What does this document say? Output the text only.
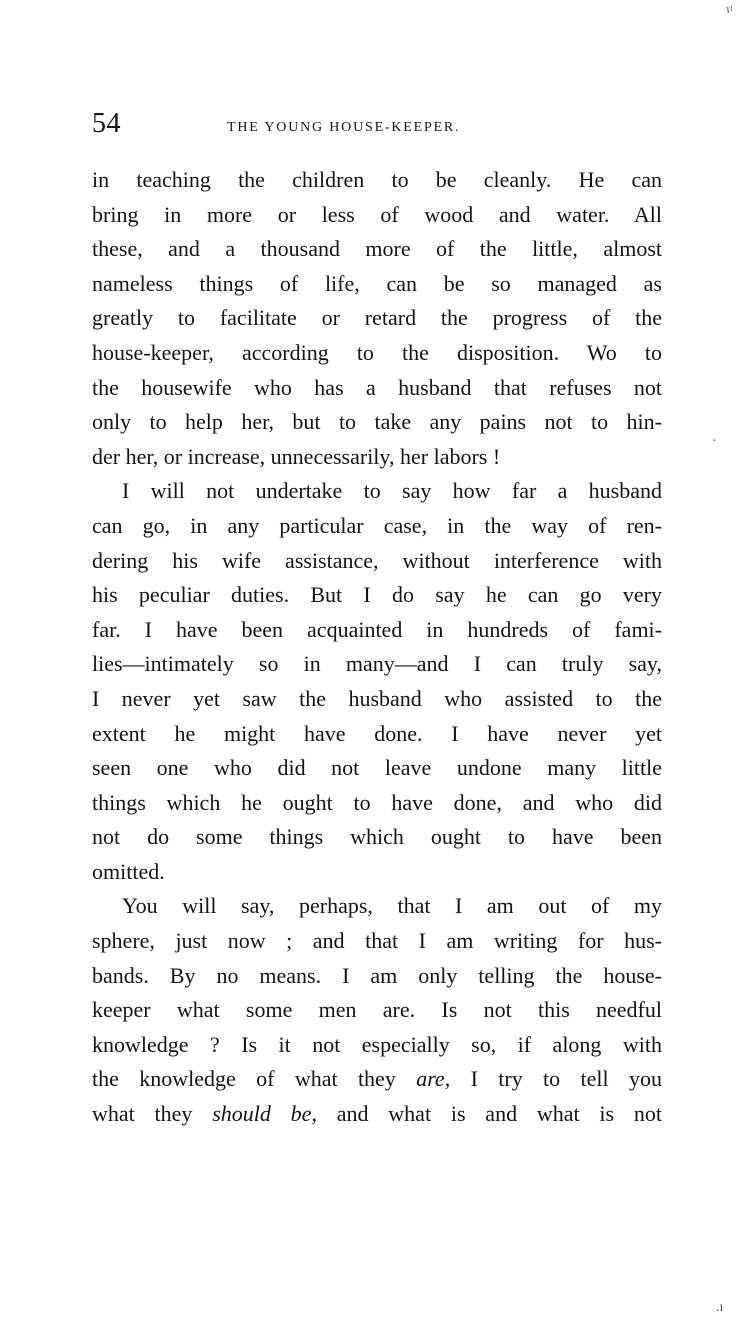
54	THE YOUNG HOUSE-KEEPER.
in teaching the children to be cleanly. He can
bring in more or less of wood and water. All
these, and a thousand more of the little, almost
nameless things of life, can be so managed as
greatly to facilitate or retard the progress of the
house-keeper, according to the disposition. Wo to
the housewife who has a husband that refuses not
only to help her, but to take any pains not to hin-
der her, or increase, unnecessarily, her labors !
I will not undertake to say how far a husband
can go, in any particular case, in the way of ren-
dering his wife assistance, without interference with
his peculiar duties. But I do say he can go very
far. I have been acquainted in hundreds of fami-
lies—intimately so in many—and I can truly say,
I never yet saw the husband who assisted to the
extent he might have done. I have never yet
seen one who did not leave undone many little
things which he ought to have done, and who did
not do some things which ought to have been
omitted.
You will say, perhaps, that I am out of my
sphere, just now ; and that I am writing for hus-
bands. By no means. I am only telling the house-
keeper what some men are. Is not this needful
knowledge ? Is it not especially so, if along with
the knowledge of what they are, I try to tell you
what they should be, and what is and what is not
ˠˡ
·
.ı
